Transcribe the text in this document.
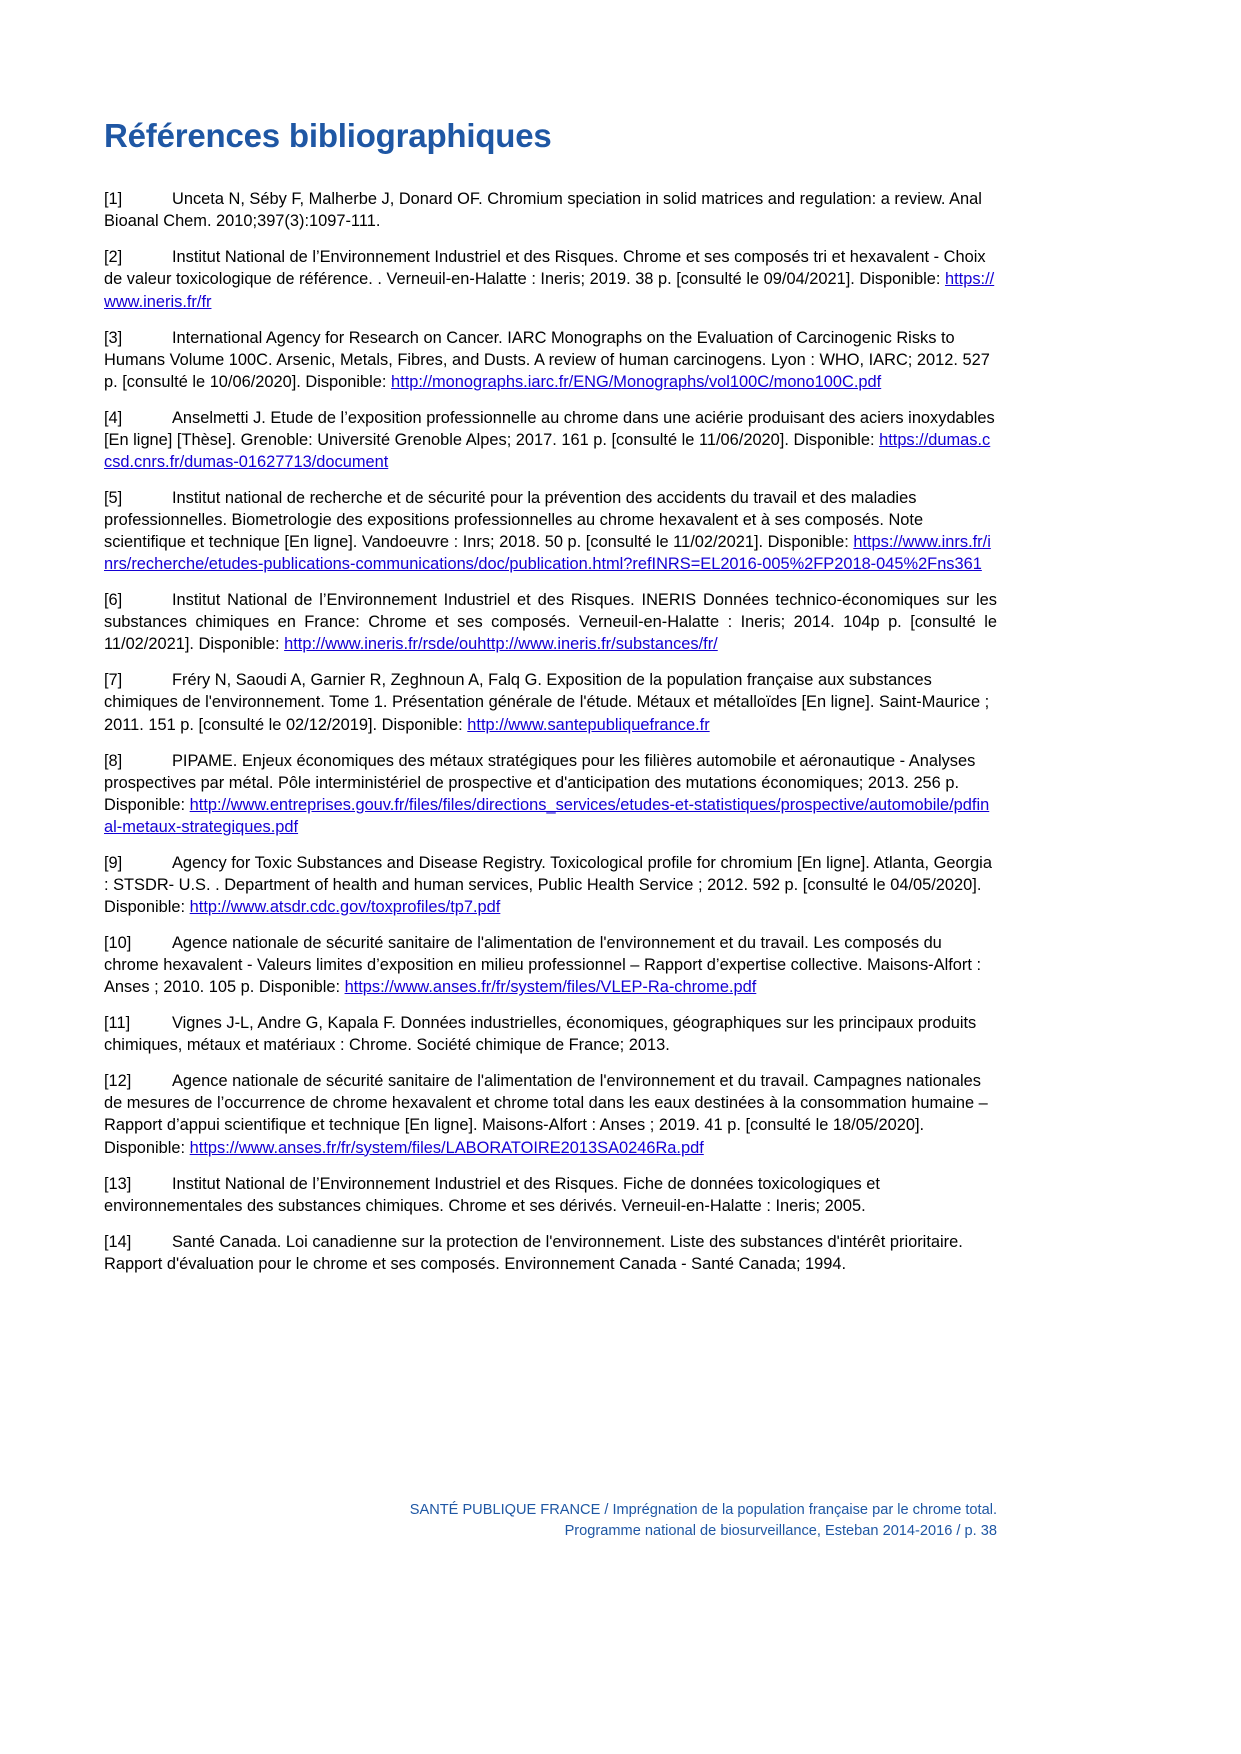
Références bibliographiques

[1]	Unceta N, Séby F, Malherbe J, Donard OF. Chromium speciation in solid matrices and regulation: a review. Anal Bioanal Chem. 2010;397(3):1097-111.

[2]	Institut National de l’Environnement Industriel et des Risques. Chrome et ses composés tri et hexavalent - Choix de valeur toxicologique de référence. . Verneuil-en-Halatte : Ineris; 2019. 38 p. [consulté le 09/04/2021]. Disponible: https://www.ineris.fr/fr

[3]	International Agency for Research on Cancer. IARC Monographs on the Evaluation of Carcinogenic Risks to Humans Volume 100C. Arsenic, Metals, Fibres, and Dusts. A review of human carcinogens. Lyon : WHO, IARC; 2012. 527 p. [consulté le 10/06/2020]. Disponible: http://monographs.iarc.fr/ENG/Monographs/vol100C/mono100C.pdf

[4]	Anselmetti J. Etude de l’exposition professionnelle au chrome dans une aciérie produisant des aciers inoxydables [En ligne] [Thèse]. Grenoble: Université Grenoble Alpes; 2017. 161 p. [consulté le 11/06/2020]. Disponible: https://dumas.ccsd.cnrs.fr/dumas-01627713/document

[5]	Institut national de recherche et de sécurité pour la prévention des accidents du travail et des maladies professionnelles. Biometrologie des expositions professionnelles au chrome hexavalent et à ses composés. Note scientifique et technique [En ligne]. Vandoeuvre : Inrs; 2018. 50 p. [consulté le 11/02/2021]. Disponible: https://www.inrs.fr/inrs/recherche/etudes-publications-communications/doc/publication.html?refINRS=EL2016-005%2FP2018-045%2Fns361

[6]	Institut National de l’Environnement Industriel et des Risques. INERIS Données technico-économiques sur les substances chimiques en France: Chrome et ses composés. Verneuil-en-Halatte : Ineris; 2014. 104p p. [consulté le 11/02/2021]. Disponible: http://www.ineris.fr/rsde/ouhttp://www.ineris.fr/substances/fr/

[7]	Fréry N, Saoudi A, Garnier R, Zeghnoun A, Falq G. Exposition de la population française aux substances chimiques de l'environnement. Tome 1. Présentation générale de l'étude. Métaux et métalloïdes [En ligne]. Saint-Maurice ; 2011. 151 p. [consulté le 02/12/2019]. Disponible: http://www.santepubliquefrance.fr

[8]	PIPAME. Enjeux économiques des métaux stratégiques pour les filières automobile et aéronautique - Analyses prospectives par métal. Pôle interministériel de prospective et d'anticipation des mutations économiques; 2013. 256 p. Disponible: http://www.entreprises.gouv.fr/files/files/directions_services/etudes-et-statistiques/prospective/automobile/pdfinal-metaux-strategiques.pdf

[9]	Agency for Toxic Substances and Disease Registry. Toxicological profile for chromium [En ligne]. Atlanta, Georgia : STSDR- U.S. . Department of health and human services, Public Health Service ; 2012. 592 p. [consulté le 04/05/2020]. Disponible: http://www.atsdr.cdc.gov/toxprofiles/tp7.pdf

[10] Agence nationale de sécurité sanitaire de l'alimentation de l'environnement et du travail. Les composés du chrome hexavalent - Valeurs limites d’exposition en milieu professionnel – Rapport d’expertise collective. Maisons-Alfort : Anses ; 2010. 105 p. Disponible: https://www.anses.fr/fr/system/files/VLEP-Ra-chrome.pdf

[11]	Vignes J-L, Andre G, Kapala F. Données industrielles, économiques, géographiques sur les principaux produits chimiques, métaux et matériaux : Chrome. Société chimique de France; 2013.

[12] Agence nationale de sécurité sanitaire de l'alimentation de l'environnement et du travail. Campagnes nationales de mesures de l’occurrence de chrome hexavalent et chrome total dans les eaux destinées à la consommation humaine – Rapport d’appui scientifique et technique [En ligne]. Maisons-Alfort : Anses ; 2019. 41 p. [consulté le 18/05/2020]. Disponible: https://www.anses.fr/fr/system/files/LABORATOIRE2013SA0246Ra.pdf

[13] Institut National de l’Environnement Industriel et des Risques. Fiche de données toxicologiques et environnementales des substances chimiques. Chrome et ses dérivés. Verneuil-en-Halatte : Ineris; 2005.

[14] Santé Canada. Loi canadienne sur la protection de l'environnement. Liste des substances d'intérêt prioritaire. Rapport d'évaluation pour le chrome et ses composés. Environnement Canada - Santé Canada; 1994.

SANTÉ PUBLIQUE FRANCE / Imprégnation de la population française par le chrome total.
Programme national de biosurveillance, Esteban 2014-2016 / p. 38
